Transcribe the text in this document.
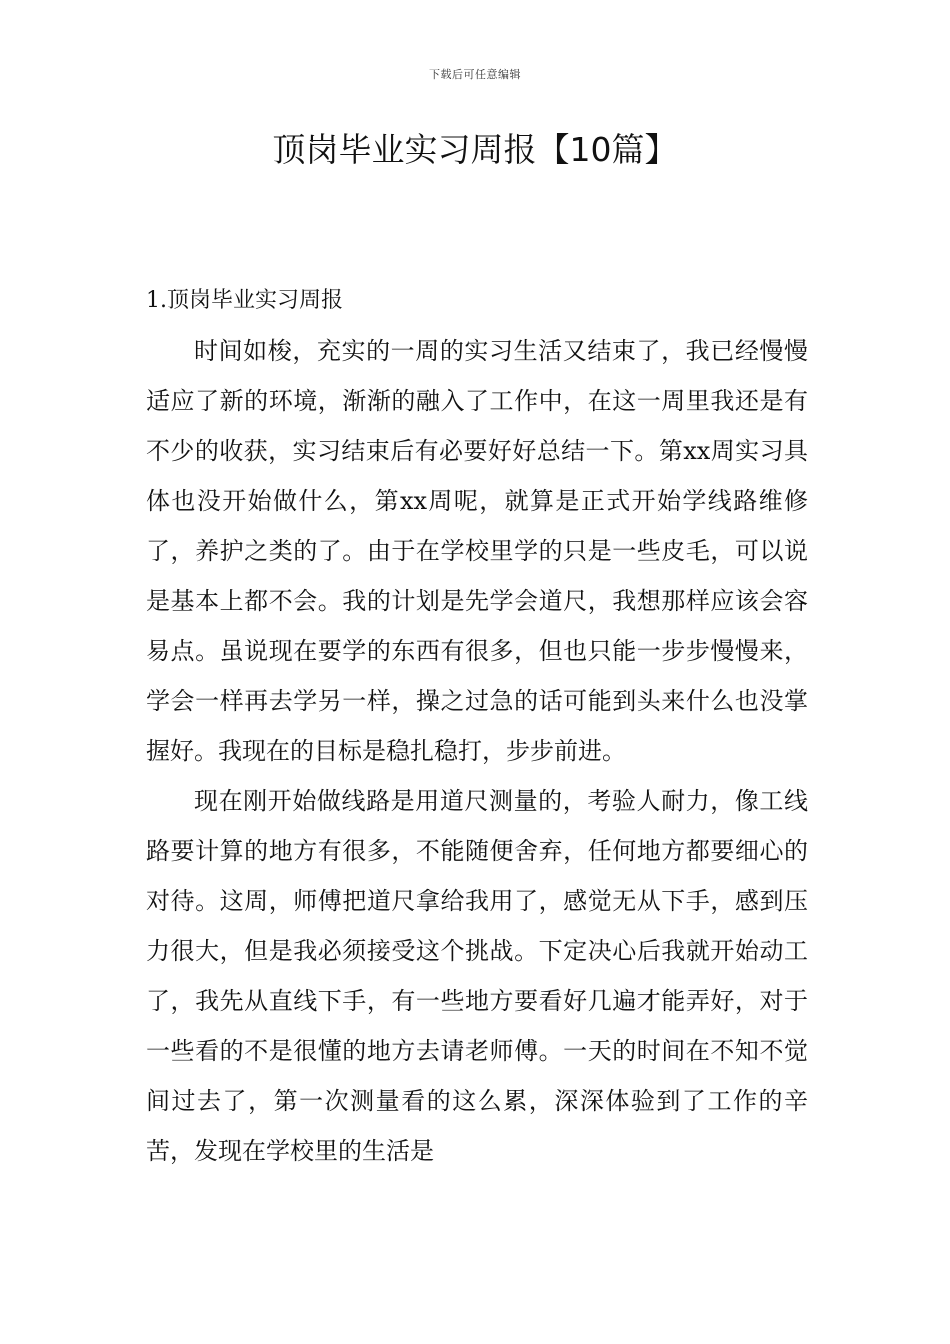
下载后可任意编辑
顶岗毕业实习周报【10篇】

1.顶岗毕业实习周报

时间如梭，充实的一周的实习生活又结束了，我已经慢慢适应了新的环境，渐渐的融入了工作中，在这一周里我还是有不少的收获，实习结束后有必要好好总结一下。第xx周实习具体也没开始做什么，第xx周呢，就算是正式开始学线路维修了，养护之类的了。由于在学校里学的只是一些皮毛，可以说是基本上都不会。我的计划是先学会道尺，我想那样应该会容易点。虽说现在要学的东西有很多，但也只能一步步慢慢来，学会一样再去学另一样，操之过急的话可能到头来什么也没掌握好。我现在的目标是稳扎稳打，步步前进。

现在刚开始做线路是用道尺测量的，考验人耐力，像工线路要计算的地方有很多，不能随便舍弃，任何地方都要细心的对待。这周，师傅把道尺拿给我用了，感觉无从下手，感到压力很大，但是我必须接受这个挑战。下定决心后我就开始动工了，我先从直线下手，有一些地方要看好几遍才能弄好，对于一些看的不是很懂的地方去请老师傅。一天的时间在不知不觉间过去了，第一次测量看的这么累，深深体验到了工作的辛苦，发现在学校里的生活是
